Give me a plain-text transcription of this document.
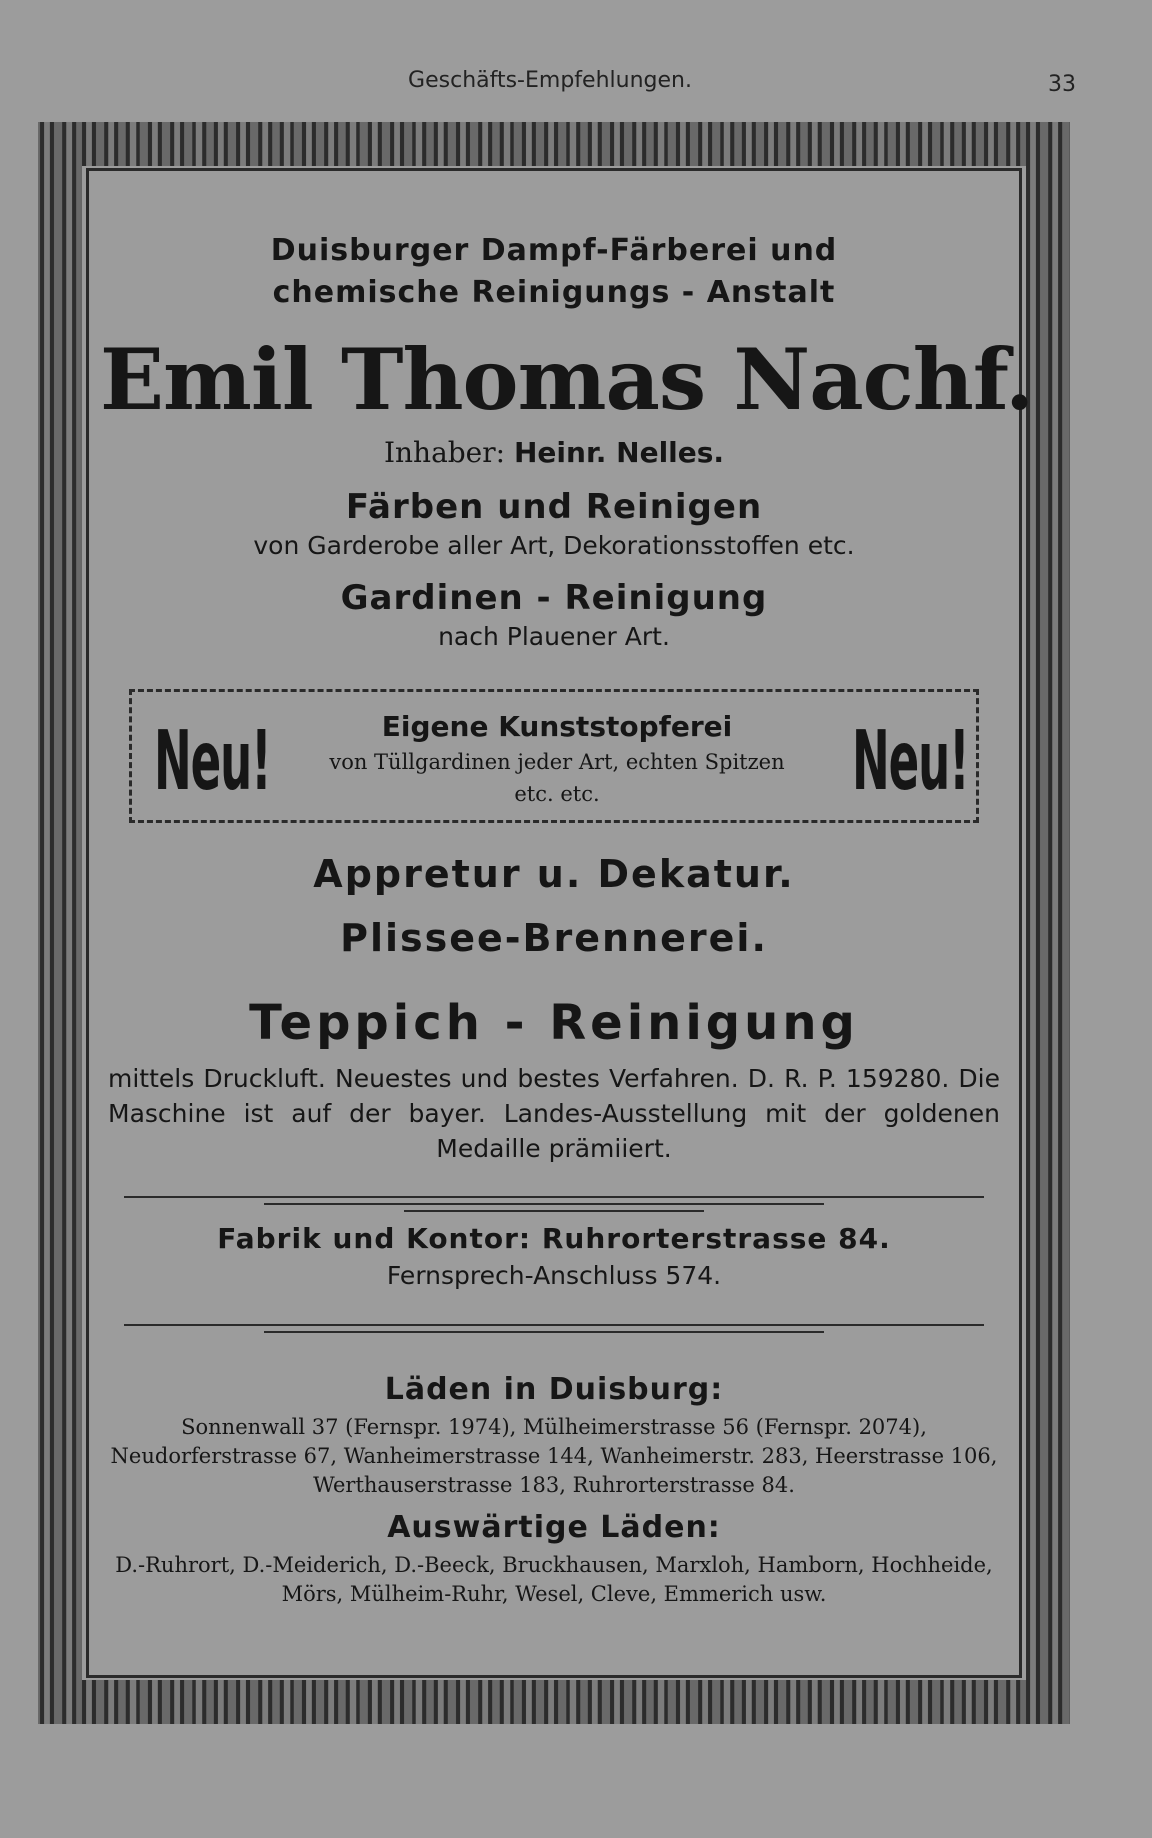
Geschäfts-Empfehlungen.	33
Duisburger Dampf-Färberei und
chemische Reinigungs - Anstalt
Emil Thomas Nachf.
Inhaber: Heinr. Nelles.
Färben und Reinigen
von Garderobe aller Art, Dekorationsstoffen etc.
Gardinen - Reinigung
nach Plauener Art.
Neu!	Eigene Kunststopferei
von Tüllgardinen jeder Art, echten Spitzen
etc. etc.	Neu!
Appretur u. Dekatur.
Plissee-Brennerei.
Teppich - Reinigung
mittels Druckluft. Neuestes und bestes Verfahren. D. R. P. 159280. Die Maschine ist auf der bayer. Landes-Ausstellung mit der goldenen Medaille prämiiert.
Fabrik und Kontor: Ruhrorterstrasse 84.
Fernsprech-Anschluss 574.
Läden in Duisburg:
Sonnenwall 37 (Fernspr. 1974), Mülheimerstrasse 56 (Fernspr. 2074), Neudorferstrasse 67, Wanheimerstrasse 144, Wanheimerstr. 283, Heerstrasse 106, Werthauserstrasse 183, Ruhrorterstrasse 84.
Auswärtige Läden:
D.-Ruhrort, D.-Meiderich, D.-Beeck, Bruckhausen, Marxloh, Hamborn, Hochheide, Mörs, Mülheim-Ruhr, Wesel, Cleve, Emmerich usw.
